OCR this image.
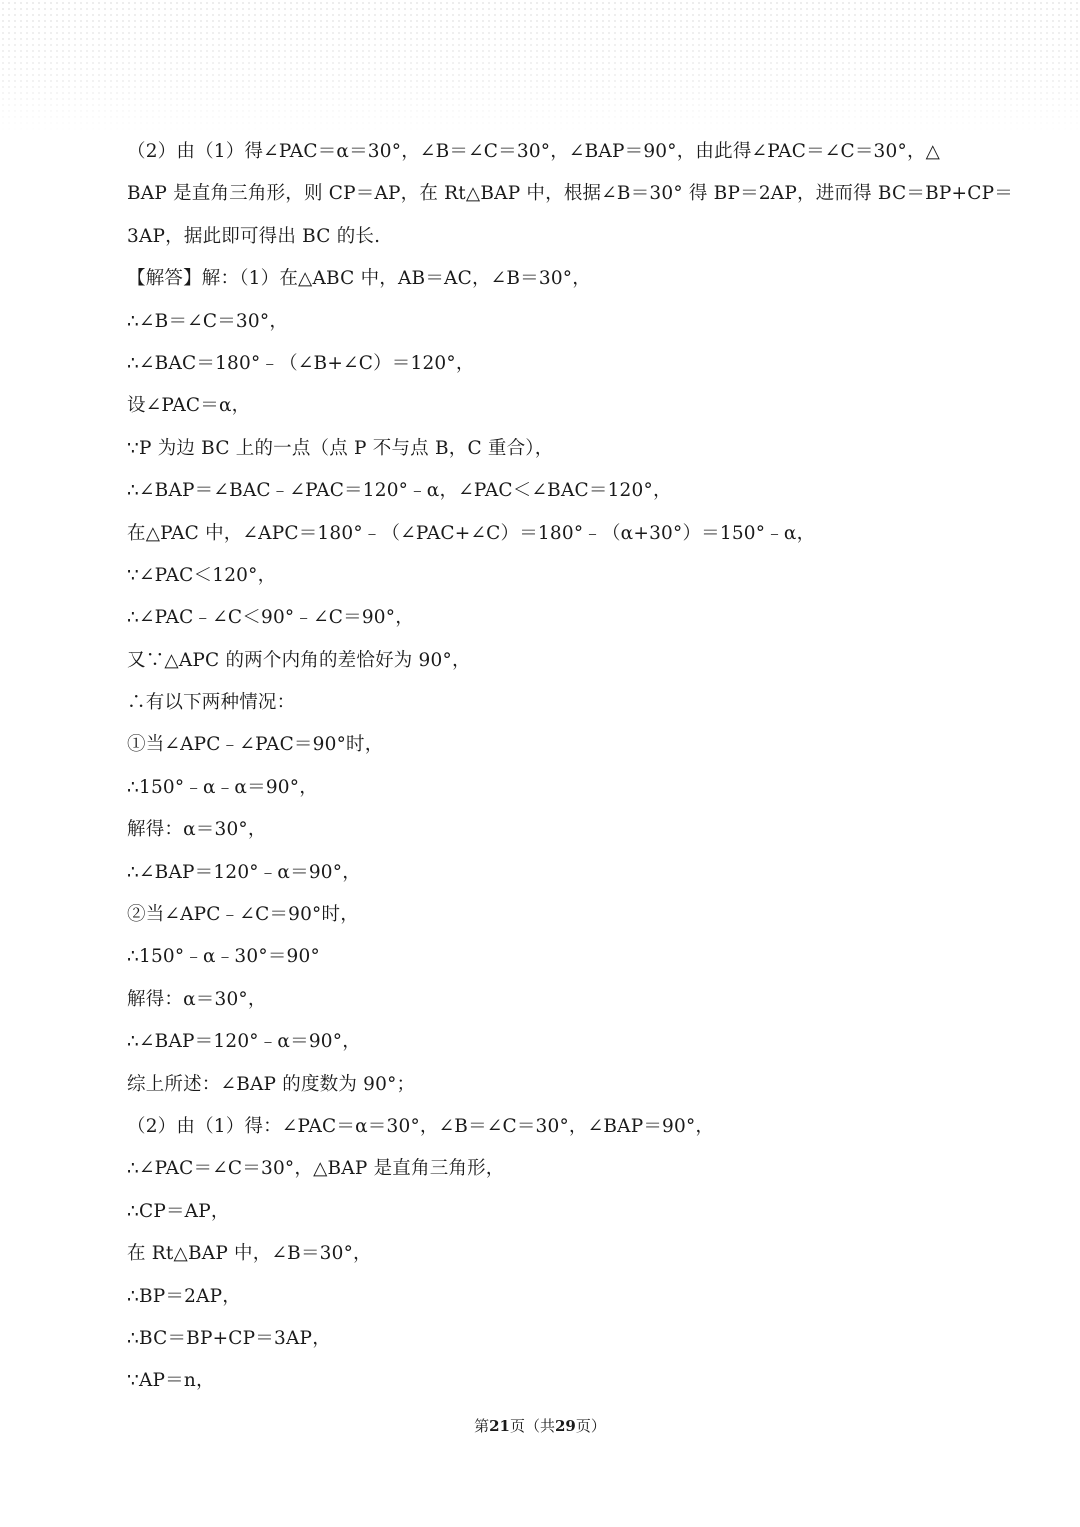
（2）由（1）得∠PAC＝α＝30°，∠B＝∠C＝30°，∠BAP＝90°，由此得∠PAC＝∠C＝30°，△
BAP 是直角三角形，则 CP＝AP，在 Rt△BAP 中，根据∠B＝30° 得 BP＝2AP，进而得 BC＝BP+CP＝
3AP，据此即可得出 BC 的长.
【解答】解：（1）在△ABC 中，AB＝AC，∠B＝30°，
∴∠B＝∠C＝30°，
∴∠BAC＝180°﹣（∠B+∠C）＝120°，
设∠PAC＝α，
∵P 为边 BC 上的一点（点 P 不与点 B，C 重合），
∴∠BAP＝∠BAC﹣∠PAC＝120°﹣α，∠PAC＜∠BAC＝120°，
在△PAC 中，∠APC＝180°﹣（∠PAC+∠C）＝180°﹣（α+30°）＝150°﹣α，
∵∠PAC＜120°，
∴∠PAC﹣∠C＜90°﹣∠C＝90°，
又∵△APC 的两个内角的差恰好为 90°，
∴有以下两种情况：
①当∠APC﹣∠PAC＝90°时，
∴150°﹣α﹣α＝90°，
解得：α＝30°，
∴∠BAP＝120°﹣α＝90°，
②当∠APC﹣∠C＝90°时，
∴150°﹣α﹣30°＝90°
解得：α＝30°，
∴∠BAP＝120°﹣α＝90°，
综上所述：∠BAP 的度数为 90°；
（2）由（1）得：∠PAC＝α＝30°，∠B＝∠C＝30°，∠BAP＝90°，
∴∠PAC＝∠C＝30°，△BAP 是直角三角形，
∴CP＝AP，
在 Rt△BAP 中，∠B＝30°，
∴BP＝2AP，
∴BC＝BP+CP＝3AP，
∵AP＝n，
第21页（共29页）
